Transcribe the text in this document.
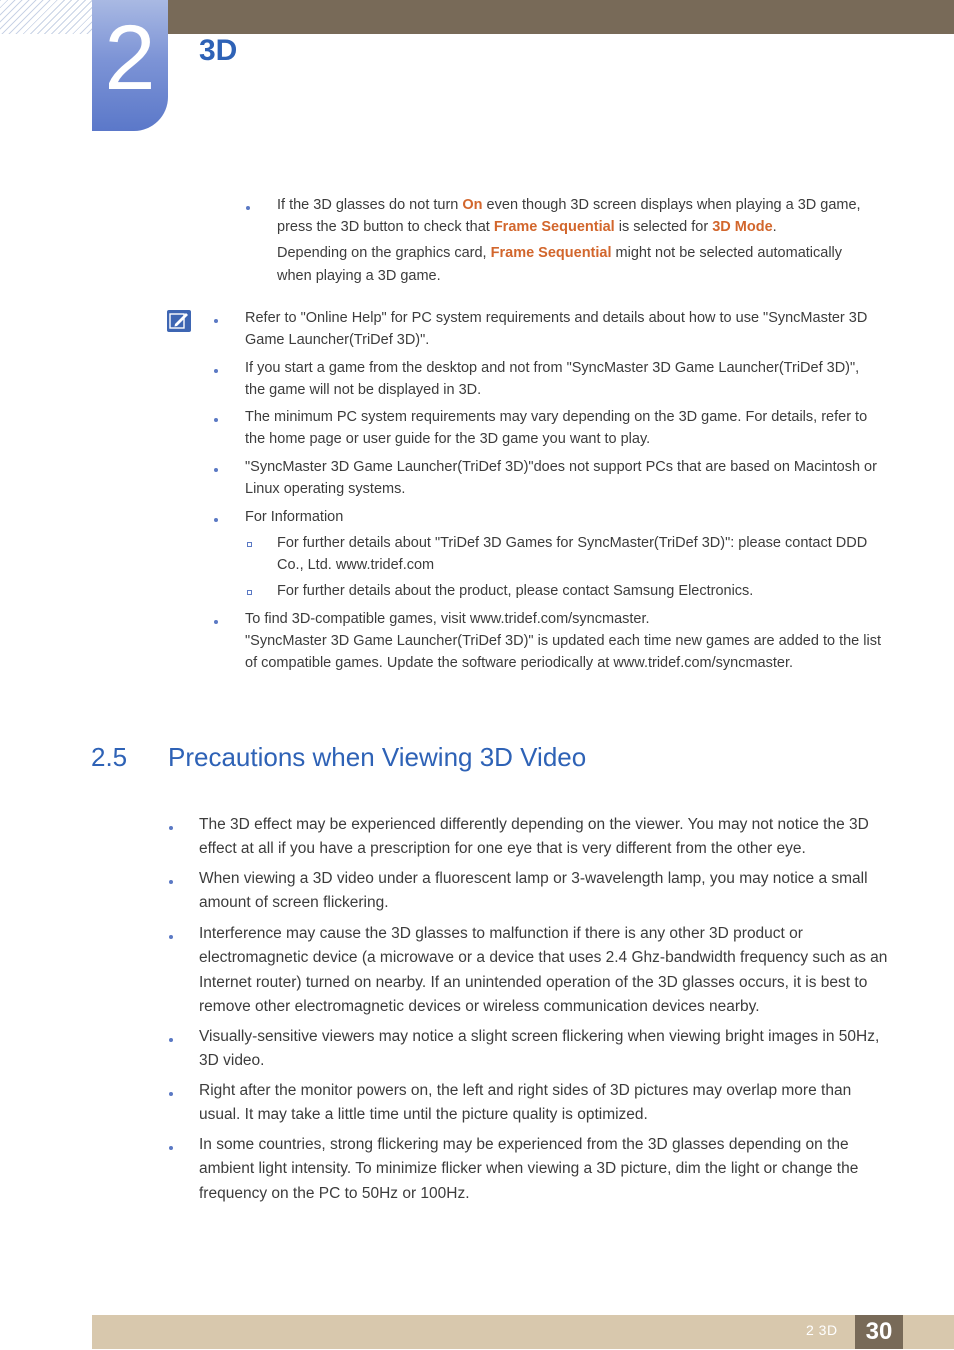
2	3D
If the 3D glasses do not turn On even though 3D screen displays when playing a 3D game,
press the 3D button to check that Frame Sequential is selected for 3D Mode.
Depending on the graphics card, Frame Sequential might not be selected automatically
when playing a 3D game.
Refer to "Online Help" for PC system requirements and details about how to use "SyncMaster 3D
Game Launcher(TriDef 3D)".
If you start a game from the desktop and not from "SyncMaster 3D Game Launcher(TriDef 3D)",
the game will not be displayed in 3D.
The minimum PC system requirements may vary depending on the 3D game. For details, refer to
the home page or user guide for the 3D game you want to play.
"SyncMaster 3D Game Launcher(TriDef 3D)"does not support PCs that are based on Macintosh or
Linux operating systems.
For Information
For further details about "TriDef 3D Games for SyncMaster(TriDef 3D)": please contact DDD
Co., Ltd. www.tridef.com
For further details about the product, please contact Samsung Electronics.
To find 3D-compatible games, visit www.tridef.com/syncmaster.
"SyncMaster 3D Game Launcher(TriDef 3D)" is updated each time new games are added to the list
of compatible games. Update the software periodically at www.tridef.com/syncmaster.
2.5 Precautions when Viewing 3D Video
The 3D effect may be experienced differently depending on the viewer. You may not notice the 3D
effect at all if you have a prescription for one eye that is very different from the other eye.
When viewing a 3D video under a fluorescent lamp or 3-wavelength lamp, you may notice a small
amount of screen flickering.
Interference may cause the 3D glasses to malfunction if there is any other 3D product or
electromagnetic device (a microwave or a device that uses 2.4 Ghz-bandwidth frequency such as an
Internet router) turned on nearby. If an unintended operation of the 3D glasses occurs, it is best to
remove other electromagnetic devices or wireless communication devices nearby.
Visually-sensitive viewers may notice a slight screen flickering when viewing bright images in 50Hz,
3D video.
Right after the monitor powers on, the left and right sides of 3D pictures may overlap more than
usual. It may take a little time until the picture quality is optimized.
In some countries, strong flickering may be experienced from the 3D glasses depending on the
ambient light intensity. To minimize flicker when viewing a 3D picture, dim the light or change the
frequency on the PC to 50Hz or 100Hz.
2 3D	30
